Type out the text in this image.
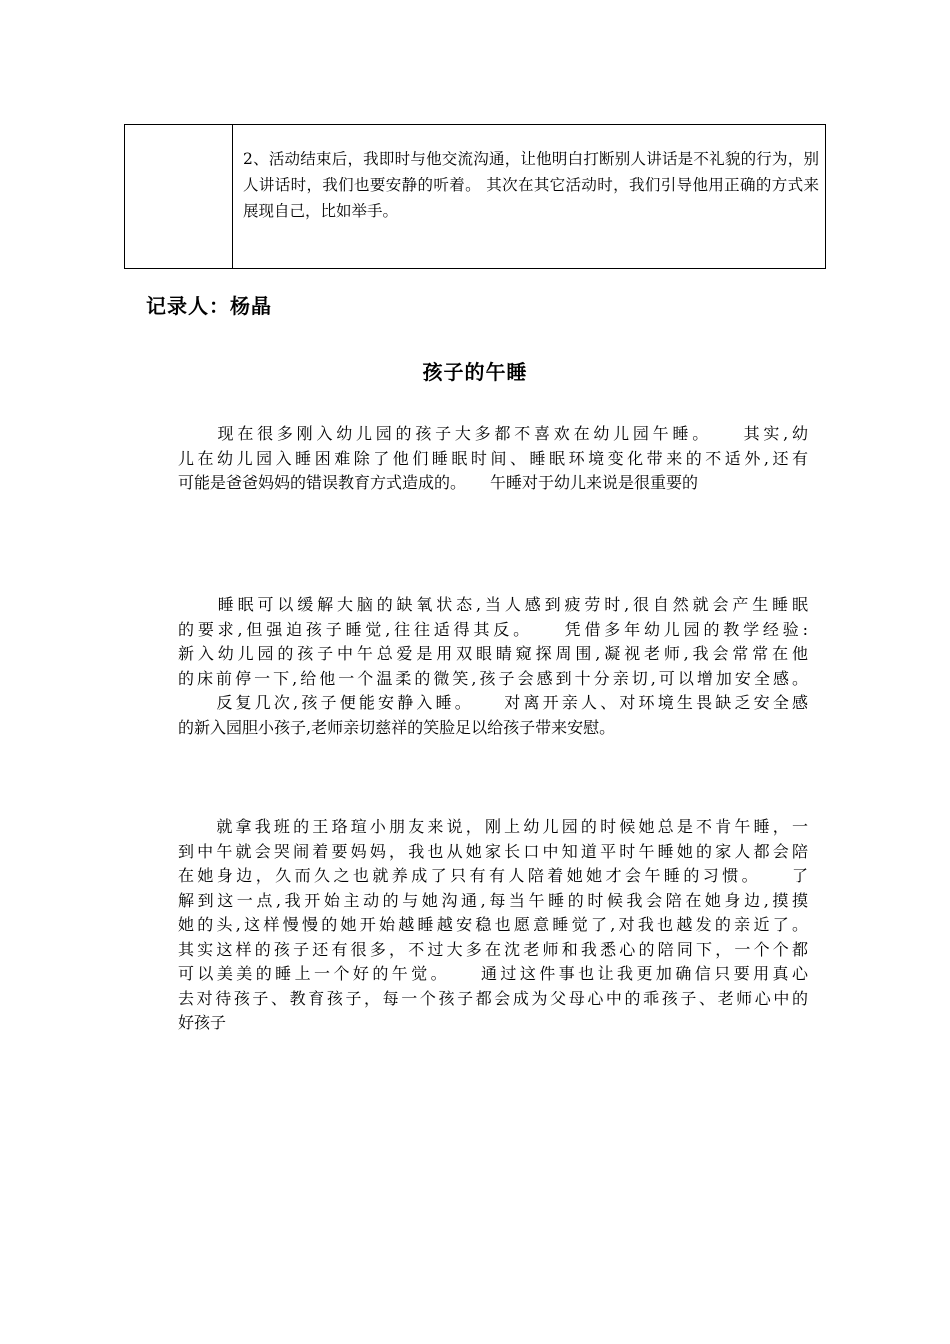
2、活动结束后，我即时与他交流沟通，让他明白打断别人讲话是不礼貌的行为，别人讲话时，我们也要安静的听着。 其次在其它活动时，我们引导他用正确的方式来展现自己，比如举手。
记录人：杨晶
孩子的午睡

　　现在很多刚入幼儿园的孩子大多都不喜欢在幼儿园午睡。　　其实,幼
儿在幼儿园入睡困难除了他们睡眠时间、睡眠环境变化带来的不适外,还有
可能是爸爸妈妈的错误教育方式造成的。　　午睡对于幼儿来说是很重要的

　　睡眠可以缓解大脑的缺氧状态,当人感到疲劳时,很自然就会产生睡眠
的要求,但强迫孩子睡觉,往往适得其反。　　凭借多年幼儿园的教学经验:
新入幼儿园的孩子中午总爱是用双眼睛窥探周围,凝视老师,我会常常在他
的床前停一下,给他一个温柔的微笑,孩子会感到十分亲切,可以增加安全感。
　　反复几次,孩子便能安静入睡。　　对离开亲人、对环境生畏缺乏安全感
的新入园胆小孩子,老师亲切慈祥的笑脸足以给孩子带来安慰。

　　就拿我班的王珞瑄小朋友来说，刚上幼儿园的时候她总是不肯午睡，一
到中午就会哭闹着要妈妈，我也从她家长口中知道平时午睡她的家人都会陪
在她身边，久而久之也就养成了只有有人陪着她她才会午睡的习惯。　　了
解到这一点,我开始主动的与她沟通,每当午睡的时候我会陪在她身边,摸摸
她的头,这样慢慢的她开始越睡越安稳也愿意睡觉了,对我也越发的亲近了。
其实这样的孩子还有很多，不过大多在沈老师和我悉心的陪同下，一个个都
可以美美的睡上一个好的午觉。　　通过这件事也让我更加确信只要用真心
去对待孩子、教育孩子，每一个孩子都会成为父母心中的乖孩子、老师心中的
好孩子
